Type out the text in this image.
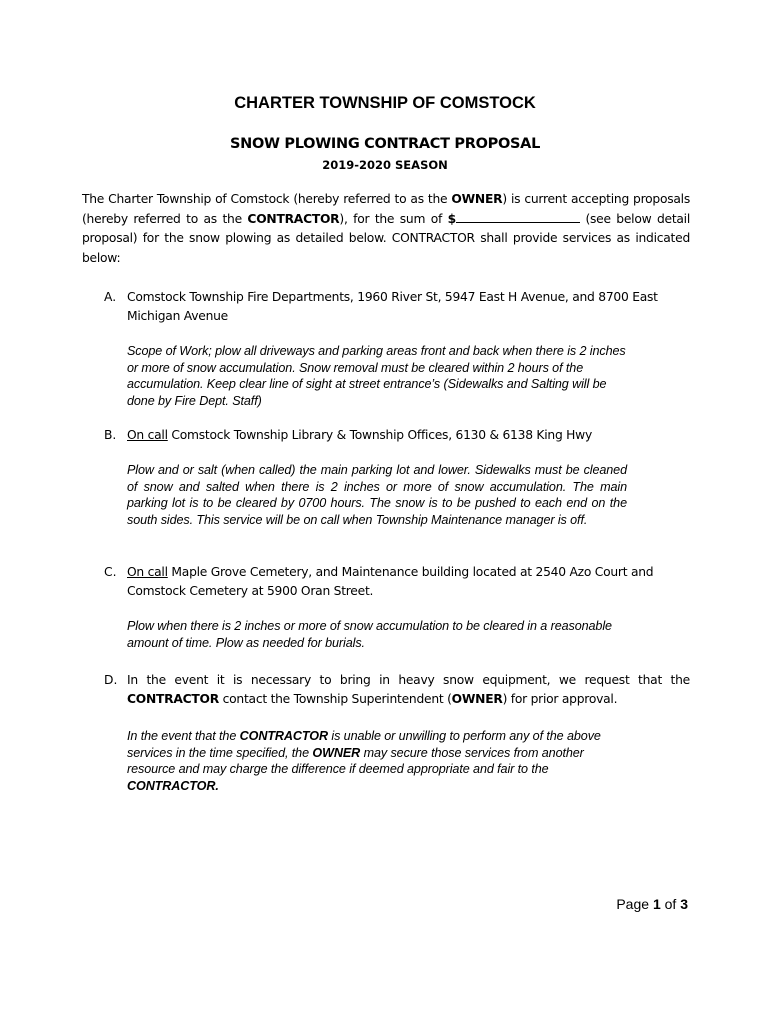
CHARTER TOWNSHIP OF COMSTOCK
SNOW PLOWING CONTRACT PROPOSAL
2019-2020 SEASON
The Charter Township of Comstock (hereby referred to as the OWNER) is current accepting proposals (hereby referred to as the CONTRACTOR), for the sum of $	(see below detail proposal) for the snow plowing as detailed below. CONTRACTOR shall provide services as indicated below:
A. Comstock Township Fire Departments, 1960 River St, 5947 East H Avenue, and 8700 East Michigan Avenue
Scope of Work; plow all driveways and parking areas front and back when there is 2 inches or more of snow accumulation. Snow removal must be cleared within 2 hours of the accumulation. Keep clear line of sight at street entrance’s (Sidewalks and Salting will be done by Fire Dept. Staff)
B. On call Comstock Township Library & Township Offices, 6130 & 6138 King Hwy
Plow and or salt (when called) the main parking lot and lower. Sidewalks must be cleaned of snow and salted when there is 2 inches or more of snow accumulation. The main parking lot is to be cleared by 0700 hours. The snow is to be pushed to each end on the south sides. This service will be on call when Township Maintenance manager is off.
C. On call Maple Grove Cemetery, and Maintenance building located at 2540 Azo Court and Comstock Cemetery at 5900 Oran Street.
Plow when there is 2 inches or more of snow accumulation to be cleared in a reasonable amount of time. Plow as needed for burials.
D. In the event it is necessary to bring in heavy snow equipment, we request that the CONTRACTOR contact the Township Superintendent (OWNER) for prior approval.
In the event that the CONTRACTOR is unable or unwilling to perform any of the above services in the time specified, the OWNER may secure those services from another resource and may charge the difference if deemed appropriate and fair to the CONTRACTOR.
Page 1 of 3
